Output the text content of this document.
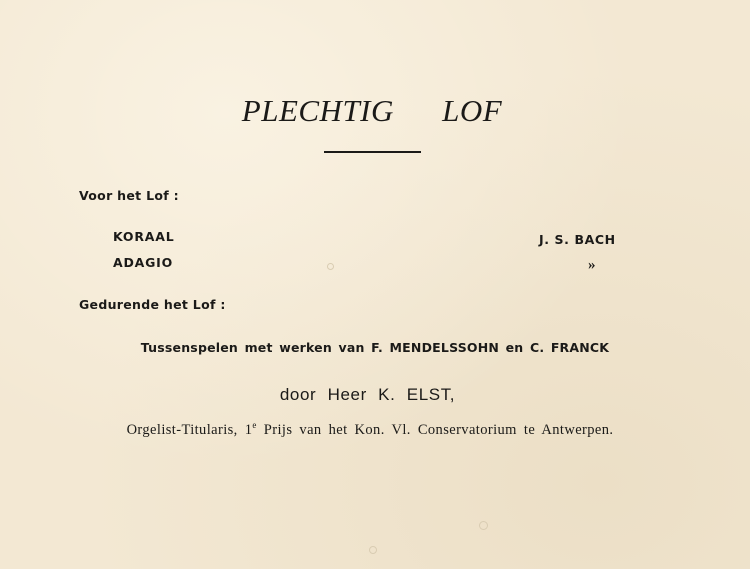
PLECHTIG LOF
Voor het Lof :
KORAAL	J. S. BACH
ADAGIO	»
Gedurende het Lof :
Tussenspelen met werken van F. MENDELSSOHN en C. FRANCK
door Heer K. ELST,
Orgelist-Titularis, 1e Prijs van het Kon. Vl. Conservatorium te Antwerpen.
